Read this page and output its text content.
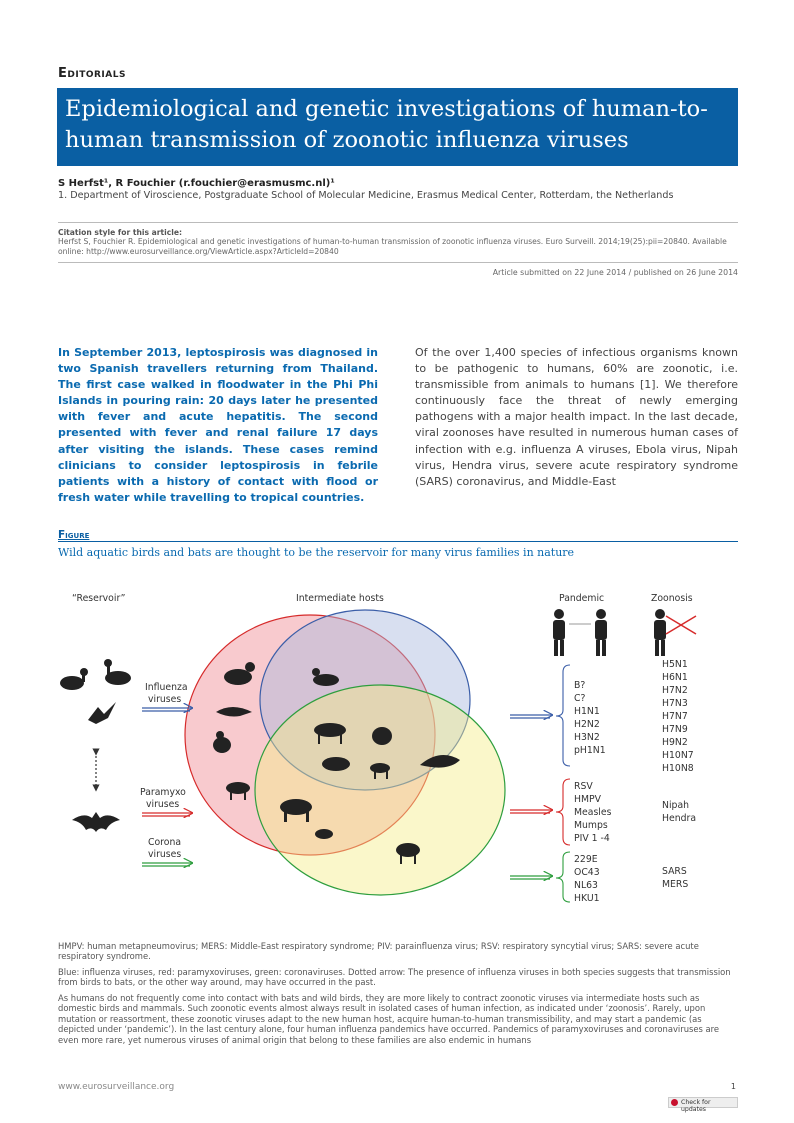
Editorials
Epidemiological and genetic investigations of human-to-human transmission of zoonotic influenza viruses
S Herfst¹, R Fouchier (r.fouchier@erasmusmc.nl)¹
1. Department of Viroscience, Postgraduate School of Molecular Medicine, Erasmus Medical Center, Rotterdam, the Netherlands
Citation style for this article:
Herfst S, Fouchier R. Epidemiological and genetic investigations of human-to-human transmission of zoonotic influenza viruses. Euro Surveill. 2014;19(25):pii=20840. Available online: http://www.eurosurveillance.org/ViewArticle.aspx?ArticleId=20840
Article submitted on 22 June 2014 / published on 26 June 2014
In September 2013, leptospirosis was diagnosed in two Spanish travellers returning from Thailand. The first case walked in floodwater in the Phi Phi Islands in pouring rain: 20 days later he presented with fever and acute hepatitis. The second presented with fever and renal failure 17 days after visiting the islands. These cases remind clinicians to consider leptospirosis in febrile patients with a history of contact with flood or fresh water while travelling to tropical countries.
Of the over 1,400 species of infectious organisms known to be pathogenic to humans, 60% are zoonotic, i.e. transmissible from animals to humans [1]. We therefore continuously face the threat of newly emerging pathogens with a major health impact. In the last decade, viral zoonoses have resulted in numerous human cases of infection with e.g. influenza A viruses, Ebola virus, Nipah virus, Hendra virus, severe acute respiratory syndrome (SARS) coronavirus, and Middle-East
Figure
Wild aquatic birds and bats are thought to be the reservoir for many virus families in nature
“Reservoir”	Intermediate hosts	Pandemic	Zoonosis
Influenza
viruses
Paramyxo
viruses
Corona
viruses
B?
C?
H1N1
H2N2
H3N2
pH1N1
RSV
HMPV
Measles
Mumps
PIV 1 -4
229E
OC43
NL63
HKU1
H5N1
H6N1
H7N2
H7N3
H7N7
H7N9
H9N2
H10N7
H10N8
Nipah
Hendra
SARS
MERS
HMPV: human metapneumovirus; MERS: Middle-East respiratory syndrome; PIV: parainfluenza virus; RSV: respiratory syncytial virus; SARS: severe acute respiratory syndrome.
Blue: influenza viruses, red: paramyxoviruses, green: coronaviruses. Dotted arrow: The presence of influenza viruses in both species suggests that transmission from birds to bats, or the other way around, may have occurred in the past.
As humans do not frequently come into contact with bats and wild birds, they are more likely to contract zoonotic viruses via intermediate hosts such as domestic birds and mammals. Such zoonotic events almost always result in isolated cases of human infection, as indicated under ‘zoonosis’. Rarely, upon mutation or reassortment, these zoonotic viruses adapt to the new human host, acquire human-to-human transmissibility, and may start a pandemic (as depicted under ‘pandemic’). In the last century alone, four human influenza pandemics have occurred. Pandemics of paramyxoviruses and coronaviruses are even more rare, yet numerous viruses of animal origin that belong to these families are also endemic in humans
www.eurosurveillance.org	1
Check for updates
